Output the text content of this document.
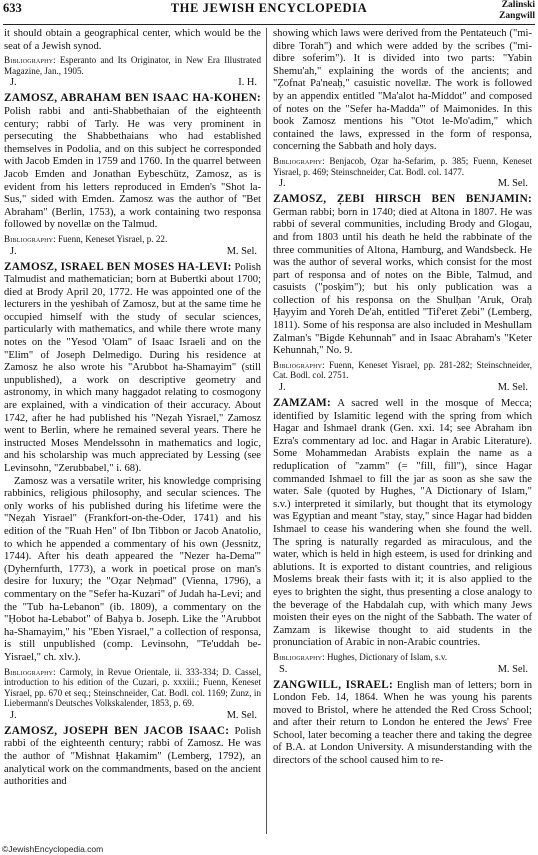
633	THE JEWISH ENCYCLOPEDIA	Zalinski
Zangwill

it should obtain a geographical center, which would be the seat of a Jewish synod.

Bibliography: Esperanto and Its Originator, in New Era Illustrated Magazine, Jan., 1905.

J.	I. H.

ZAMOSZ, ABRAHAM BEN ISAAC HA-KOHEN: Polish rabbi and anti-Shabbethaian of the eighteenth century; rabbi of Tarly. He was very prominent in persecuting the Shabbethaians who had established themselves in Podolia, and on this subject he corresponded with Jacob Emden in 1759 and 1760. In the quarrel between Jacob Emden and Jonathan Eybeschütz, Zamosz, as is evident from his letters reproduced in Emden's "Shot la-Sus," sided with Emden. Zamosz was the author of "Bet Abraham" (Berlin, 1753), a work containing two responsa followed by novellæ on the Talmud.

Bibliography: Fuenn, Keneset Yisrael, p. 22.

J.	M. Sel.

ZAMOSZ, ISRAEL BEN MOSES HA-LEVI: Polish Talmudist and mathematician; born at Bubertki about 1700; died at Brody April 20, 1772. He was appointed one of the lecturers in the yeshibah of Zamosz, but at the same time he occupied himself with the study of secular sciences, particularly with mathematics, and while there wrote many notes on the "Yesod 'Olam" of Isaac Israeli and on the "Elim" of Joseph Delmedigo. During his residence at Zamosz he also wrote his "Arubbot ha-Shamayim" (still unpublished), a work on descriptive geometry and astronomy, in which many haggadot relating to cosmogony are explained, with a vindication of their accuracy. About 1742, after he had published his "Neẓah Yisrael," Zamosz went to Berlin, where he remained several years. There he instructed Moses Mendelssohn in mathematics and logic, and his scholarship was much appreciated by Lessing (see Levinsohn, "Zerubbabel," i. 68).

Zamosz was a versatile writer, his knowledge comprising rabbinics, religious philosophy, and secular sciences. The only works of his published during his lifetime were the "Neẓah Yisrael" (Frankfort-on-the-Oder, 1741) and his edition of the "Ruah Hen" of Ibn Tibbon or Jacob Anatolio, to which he appended a commentary of his own (Jessnitz, 1744). After his death appeared the "Nezer ha-Dema'" (Dyhernfurth, 1773), a work in poetical prose on man's desire for luxury; the "Oẓar Neḥmad" (Vienna, 1796), a commentary on the "Sefer ha-Kuzari" of Judah ha-Levi; and the "Tub ha-Lebanon" (ib. 1809), a commentary on the "Ḥobot ha-Lebabot" of Baḥya b. Joseph. Like the "Arubbot ha-Shamayim," his "Eben Yisrael," a collection of responsa, is still unpublished (comp. Levinsohn, "Te'uddah be-Yisrael," ch. xlv.).

Bibliography: Carmoly, in Revue Orientale, ii. 333-334; D. Cassel, introduction to his edition of the Cuzari, p. xxxiii.; Fuenn, Keneset Yisrael, pp. 670 et seq.; Steinschneider, Cat. Bodl. col. 1169; Zunz, in Liebermann's Deutsches Volkskalender, 1853, p. 69.

J.	M. Sel.

ZAMOSZ, JOSEPH BEN JACOB ISAAC: Polish rabbi of the eighteenth century; rabbi of Zamosz. He was the author of "Mishnat Ḥakamim" (Lemberg, 1792), an analytical work on the commandments, based on the ancient authorities and

showing which laws were derived from the Pentateuch ("mi-dibre Torah") and which were added by the scribes ("mi-dibre soferim"). It is divided into two parts: "Yabin Shemu'ah," explaining the words of the ancients; and "Ẓofnat Pa'neaḥ," casuistic novellæ. The work is followed by an appendix entitled "Ma'alot ha-Middot" and composed of notes on the "Sefer ha-Madda'" of Maimonides. In this book Zamosz mentions his "Otot le-Mo'adim," which contained the laws, expressed in the form of responsa, concerning the Sabbath and holy days.

Bibliography: Benjacob, Oẓar ha-Sefarim, p. 385; Fuenn, Keneset Yisrael, p. 469; Steinschneider, Cat. Bodl. col. 1477.

J.	M. Sel.

ZAMOSZ, ẒEBI HIRSCH BEN BENJAMIN: German rabbi; born in 1740; died at Altona in 1807. He was rabbi of several communities, including Brody and Glogau, and from 1803 until his death he held the rabbinate of the three communities of Altona, Hamburg, and Wandsbeck. He was the author of several works, which consist for the most part of responsa and of notes on the Bible, Talmud, and casuists ("posḳim"); but his only publication was a collection of his responsa on the Shulḥan 'Aruk, Oraḥ Ḥayyim and Yoreh De'ah, entitled "Tif'eret Ẓebi" (Lemberg, 1811). Some of his responsa are also included in Meshullam Zalman's "Bigde Kehunnah" and in Isaac Abraham's "Keter Kehunnah," No. 9.

Bibliography: Fuenn, Keneset Yisrael, pp. 281-282; Steinschneider, Cat. Bodl. col. 2751.

J.	M. Sel.

ZAMZAM: A sacred well in the mosque of Mecca; identified by Islamitic legend with the spring from which Hagar and Ishmael drank (Gen. xxi. 14; see Abraham ibn Ezra's commentary ad loc. and Hagar in Arabic Literature). Some Mohammedan Arabists explain the name as a reduplication of "zamm" (= "fill, fill"), since Hagar commanded Ishmael to fill the jar as soon as she saw the water. Sale (quoted by Hughes, "A Dictionary of Islam," s.v.) interpreted it similarly, but thought that its etymology was Egyptian and meant "stay, stay," since Hagar had bidden Ishmael to cease his wandering when she found the well. The spring is naturally regarded as miraculous, and the water, which is held in high esteem, is used for drinking and ablutions. It is exported to distant countries, and religious Moslems break their fasts with it; it is also applied to the eyes to brighten the sight, thus presenting a close analogy to the beverage of the Habdalah cup, with which many Jews moisten their eyes on the night of the Sabbath. The water of Zamzam is likewise thought to aid students in the pronunciation of Arabic in non-Arabic countries.

Bibliography: Hughes, Dictionary of Islam, s.v.

S.	M. Sel.

ZANGWILL, ISRAEL: English man of letters; born in London Feb. 14, 1864. When he was young his parents moved to Bristol, where he attended the Red Cross School; and after their return to London he entered the Jews' Free School, later becoming a teacher there and taking the degree of B.A. at London University. A misunderstanding with the directors of the school caused him to re-

©JewishEncyclopedia.com
